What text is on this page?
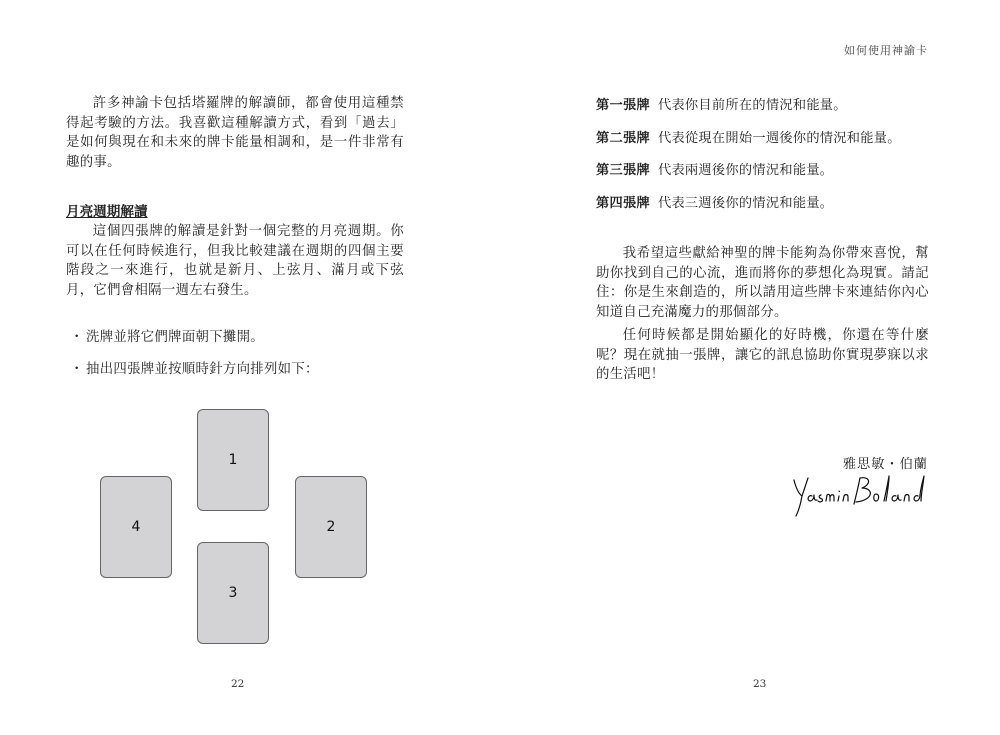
許多神諭卡包括塔羅牌的解讀師，都會使用這種禁得起考驗的方法。我喜歡這種解讀方式，看到「過去」是如何與現在和未來的牌卡能量相調和，是一件非常有趣的事。

月亮週期解讀

這個四張牌的解讀是針對一個完整的月亮週期。你可以在任何時候進行，但我比較建議在週期的四個主要階段之一來進行，也就是新月、上弦月、滿月或下弦月，它們會相隔一週左右發生。

・ 洗牌並將它們牌面朝下攤開。
・ 抽出四張牌並按順時針方向排列如下：
1
2
3
4
22
如何使用神諭卡
第一張牌 代表你目前所在的情況和能量。
第二張牌 代表從現在開始一週後你的情況和能量。
第三張牌 代表兩週後你的情況和能量。
第四張牌 代表三週後你的情況和能量。

我希望這些獻給神聖的牌卡能夠為你帶來喜悅，幫助你找到自己的心流，進而將你的夢想化為現實。請記住：你是生來創造的，所以請用這些牌卡來連結你內心知道自己充滿魔力的那個部分。

任何時候都是開始顯化的好時機，你還在等什麼呢？現在就抽一張牌，讓它的訊息協助你實現夢寐以求的生活吧！

雅思敏・伯蘭
23
